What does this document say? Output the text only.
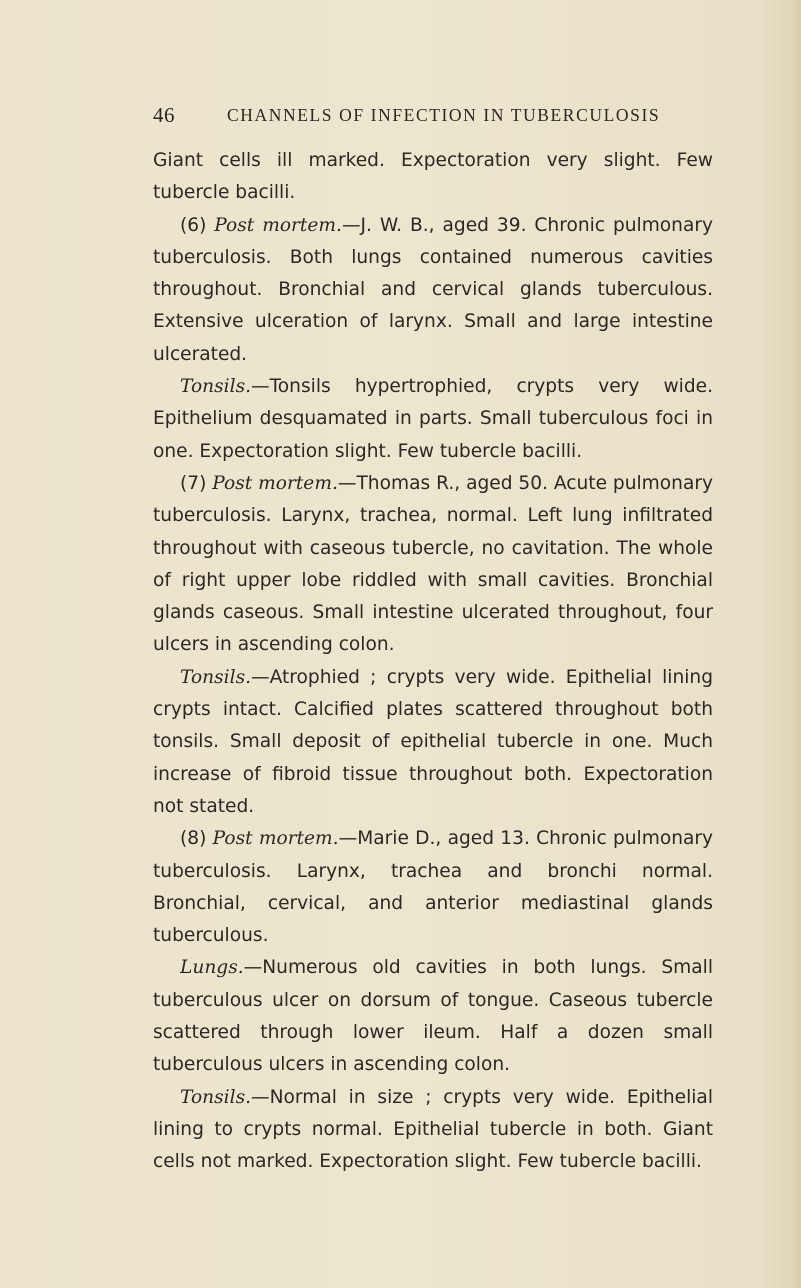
46	CHANNELS OF INFECTION IN TUBERCULOSIS

Giant cells ill marked. Expectoration very slight. Few tubercle bacilli.

(6) Post mortem.—J. W. B., aged 39. Chronic pulmonary tuberculosis. Both lungs contained numerous cavities throughout. Bronchial and cervical glands tuberculous. Extensive ulceration of larynx. Small and large intestine ulcerated.

Tonsils.—Tonsils hypertrophied, crypts very wide. Epithelium desquamated in parts. Small tuberculous foci in one. Expectoration slight. Few tubercle bacilli.

(7) Post mortem.—Thomas R., aged 50. Acute pulmonary tuberculosis. Larynx, trachea, normal. Left lung infiltrated throughout with caseous tubercle, no cavitation. The whole of right upper lobe riddled with small cavities. Bronchial glands caseous. Small intestine ulcerated throughout, four ulcers in ascending colon.

Tonsils.—Atrophied ; crypts very wide. Epithelial lining crypts intact. Calcified plates scattered throughout both tonsils. Small deposit of epithelial tubercle in one. Much increase of fibroid tissue throughout both. Expectoration not stated.

(8) Post mortem.—Marie D., aged 13. Chronic pulmonary tuberculosis. Larynx, trachea and bronchi normal. Bronchial, cervical, and anterior mediastinal glands tuberculous.

Lungs.—Numerous old cavities in both lungs. Small tuberculous ulcer on dorsum of tongue. Caseous tubercle scattered through lower ileum. Half a dozen small tuberculous ulcers in ascending colon.

Tonsils.—Normal in size ; crypts very wide. Epithelial lining to crypts normal. Epithelial tubercle in both. Giant cells not marked. Expectoration slight. Few tubercle bacilli.
